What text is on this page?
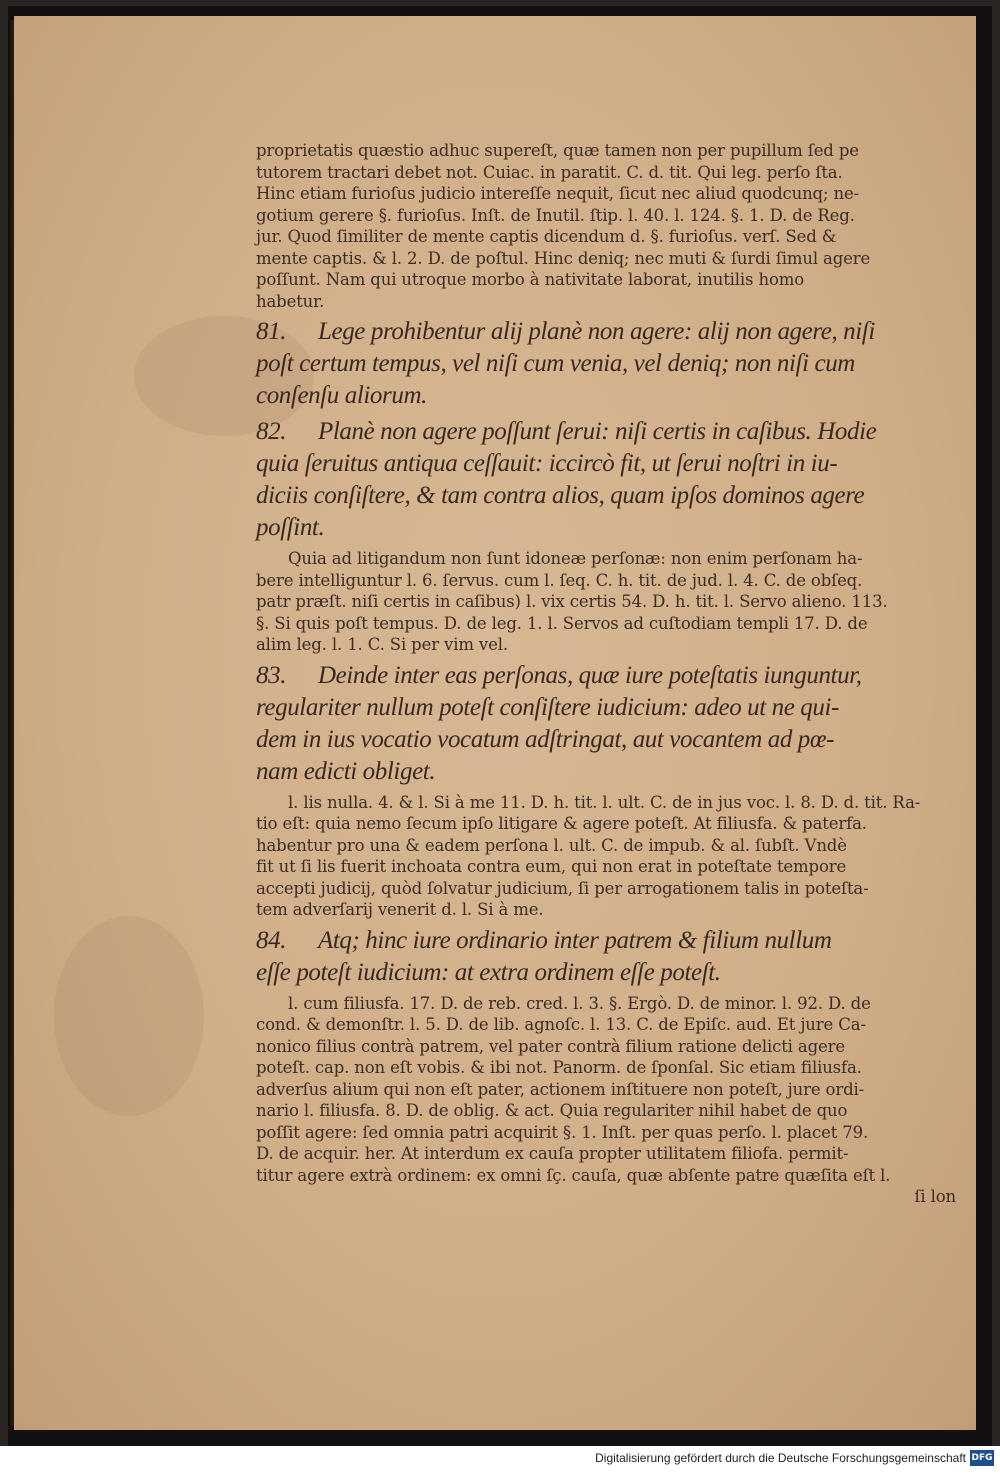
proprietatis quæstio adhuc supereſt, quæ tamen non per pupillum ſed pe
tutorem tractari debet not. Cuiac. in paratit. C. d. tit. Qui leg. perſo ſta.
Hinc etiam furioſus judicio intereſſe nequit, ſicut nec aliud quodcunq; ne-
gotium gerere §. furioſus. Inſt. de Inutil. ſtip. l. 40. l. 124. §. 1. D. de Reg.
jur. Quod ſimiliter de mente captis dicendum d. §. furioſus. verſ. Sed &
mente captis. & l. 2. D. de poſtul. Hinc deniq; nec muti & ſurdi ſimul agere
poſſunt. Nam qui utroque morbo à nativitate laborat, inutilis homo
habetur.
81. Lege prohibentur alij planè non agere: alij non agere, niſi
poſt certum tempus, vel niſi cum venia, vel deniq; non niſi cum
conſenſu aliorum.
82. Planè non agere poſſunt ſerui: niſi certis in caſibus. Hodie
quia ſeruitus antiqua ceſſauit: iccircò fit, ut ſerui noſtri in iu-
diciis conſiſtere, & tam contra alios, quam ipſos dominos agere
poſſint.
Quia ad litigandum non ſunt idoneæ perſonæ: non enim perſonam ha-
bere intelliguntur l. 6. ſervus. cum l. ſeq. C. h. tit. de jud. l. 4. C. de obſeq.
patr præſt. niſi certis in caſibus) l. vix certis 54. D. h. tit. l. Servo alieno. 113.
§. Si quis poſt tempus. D. de leg. 1. l. Servos ad cuſtodiam templi 17. D. de
alim leg. l. 1. C. Si per vim vel.
83. Deinde inter eas perſonas, quæ iure poteſtatis iunguntur,
regulariter nullum poteſt conſiſtere iudicium: adeo ut ne qui-
dem in ius vocatio vocatum adſtringat, aut vocantem ad pœ-
nam edicti obliget.
l. lis nulla. 4. & l. Si à me 11. D. h. tit. l. ult. C. de in jus voc. l. 8. D. d. tit. Ra-
tio eſt: quia nemo ſecum ipſo litigare & agere poteſt. At filiusfa. & paterfa.
habentur pro una & eadem perſona l. ult. C. de impub. & al. ſubſt. Vndè
fit ut ſi lis fuerit inchoata contra eum, qui non erat in poteſtate tempore
accepti judicij, quòd ſolvatur judicium, ſi per arrogationem talis in poteſta-
tem adverſarij venerit d. l. Si à me.
84. Atq; hinc iure ordinario inter patrem & filium nullum
eſſe poteſt iudicium: at extra ordinem eſſe poteſt.
l. cum filiusfa. 17. D. de reb. cred. l. 3. §. Ergò. D. de minor. l. 92. D. de
cond. & demonſtr. l. 5. D. de lib. agnoſc. l. 13. C. de Epiſc. aud. Et jure Ca-
nonico filius contrà patrem, vel pater contrà filium ratione delicti agere
poteſt. cap. non eſt vobis. & ibi not. Panorm. de ſponſal. Sic etiam filiusfa.
adverſus alium qui non eſt pater, actionem inſtituere non poteſt, jure ordi-
nario l. filiusfa. 8. D. de oblig. & act. Quia regulariter nihil habet de quo
poſſit agere: ſed omnia patri acquirit §. 1. Inſt. per quas perſo. l. placet 79.
D. de acquir. her. At interdum ex cauſa propter utilitatem filiofa. permit-
titur agere extrà ordinem: ex omni ſç. cauſa, quæ abſente patre quæſita eſt l.
ſi lon
Digitalisierung gefördert durch die Deutsche Forschungsgemeinschaft DFG
